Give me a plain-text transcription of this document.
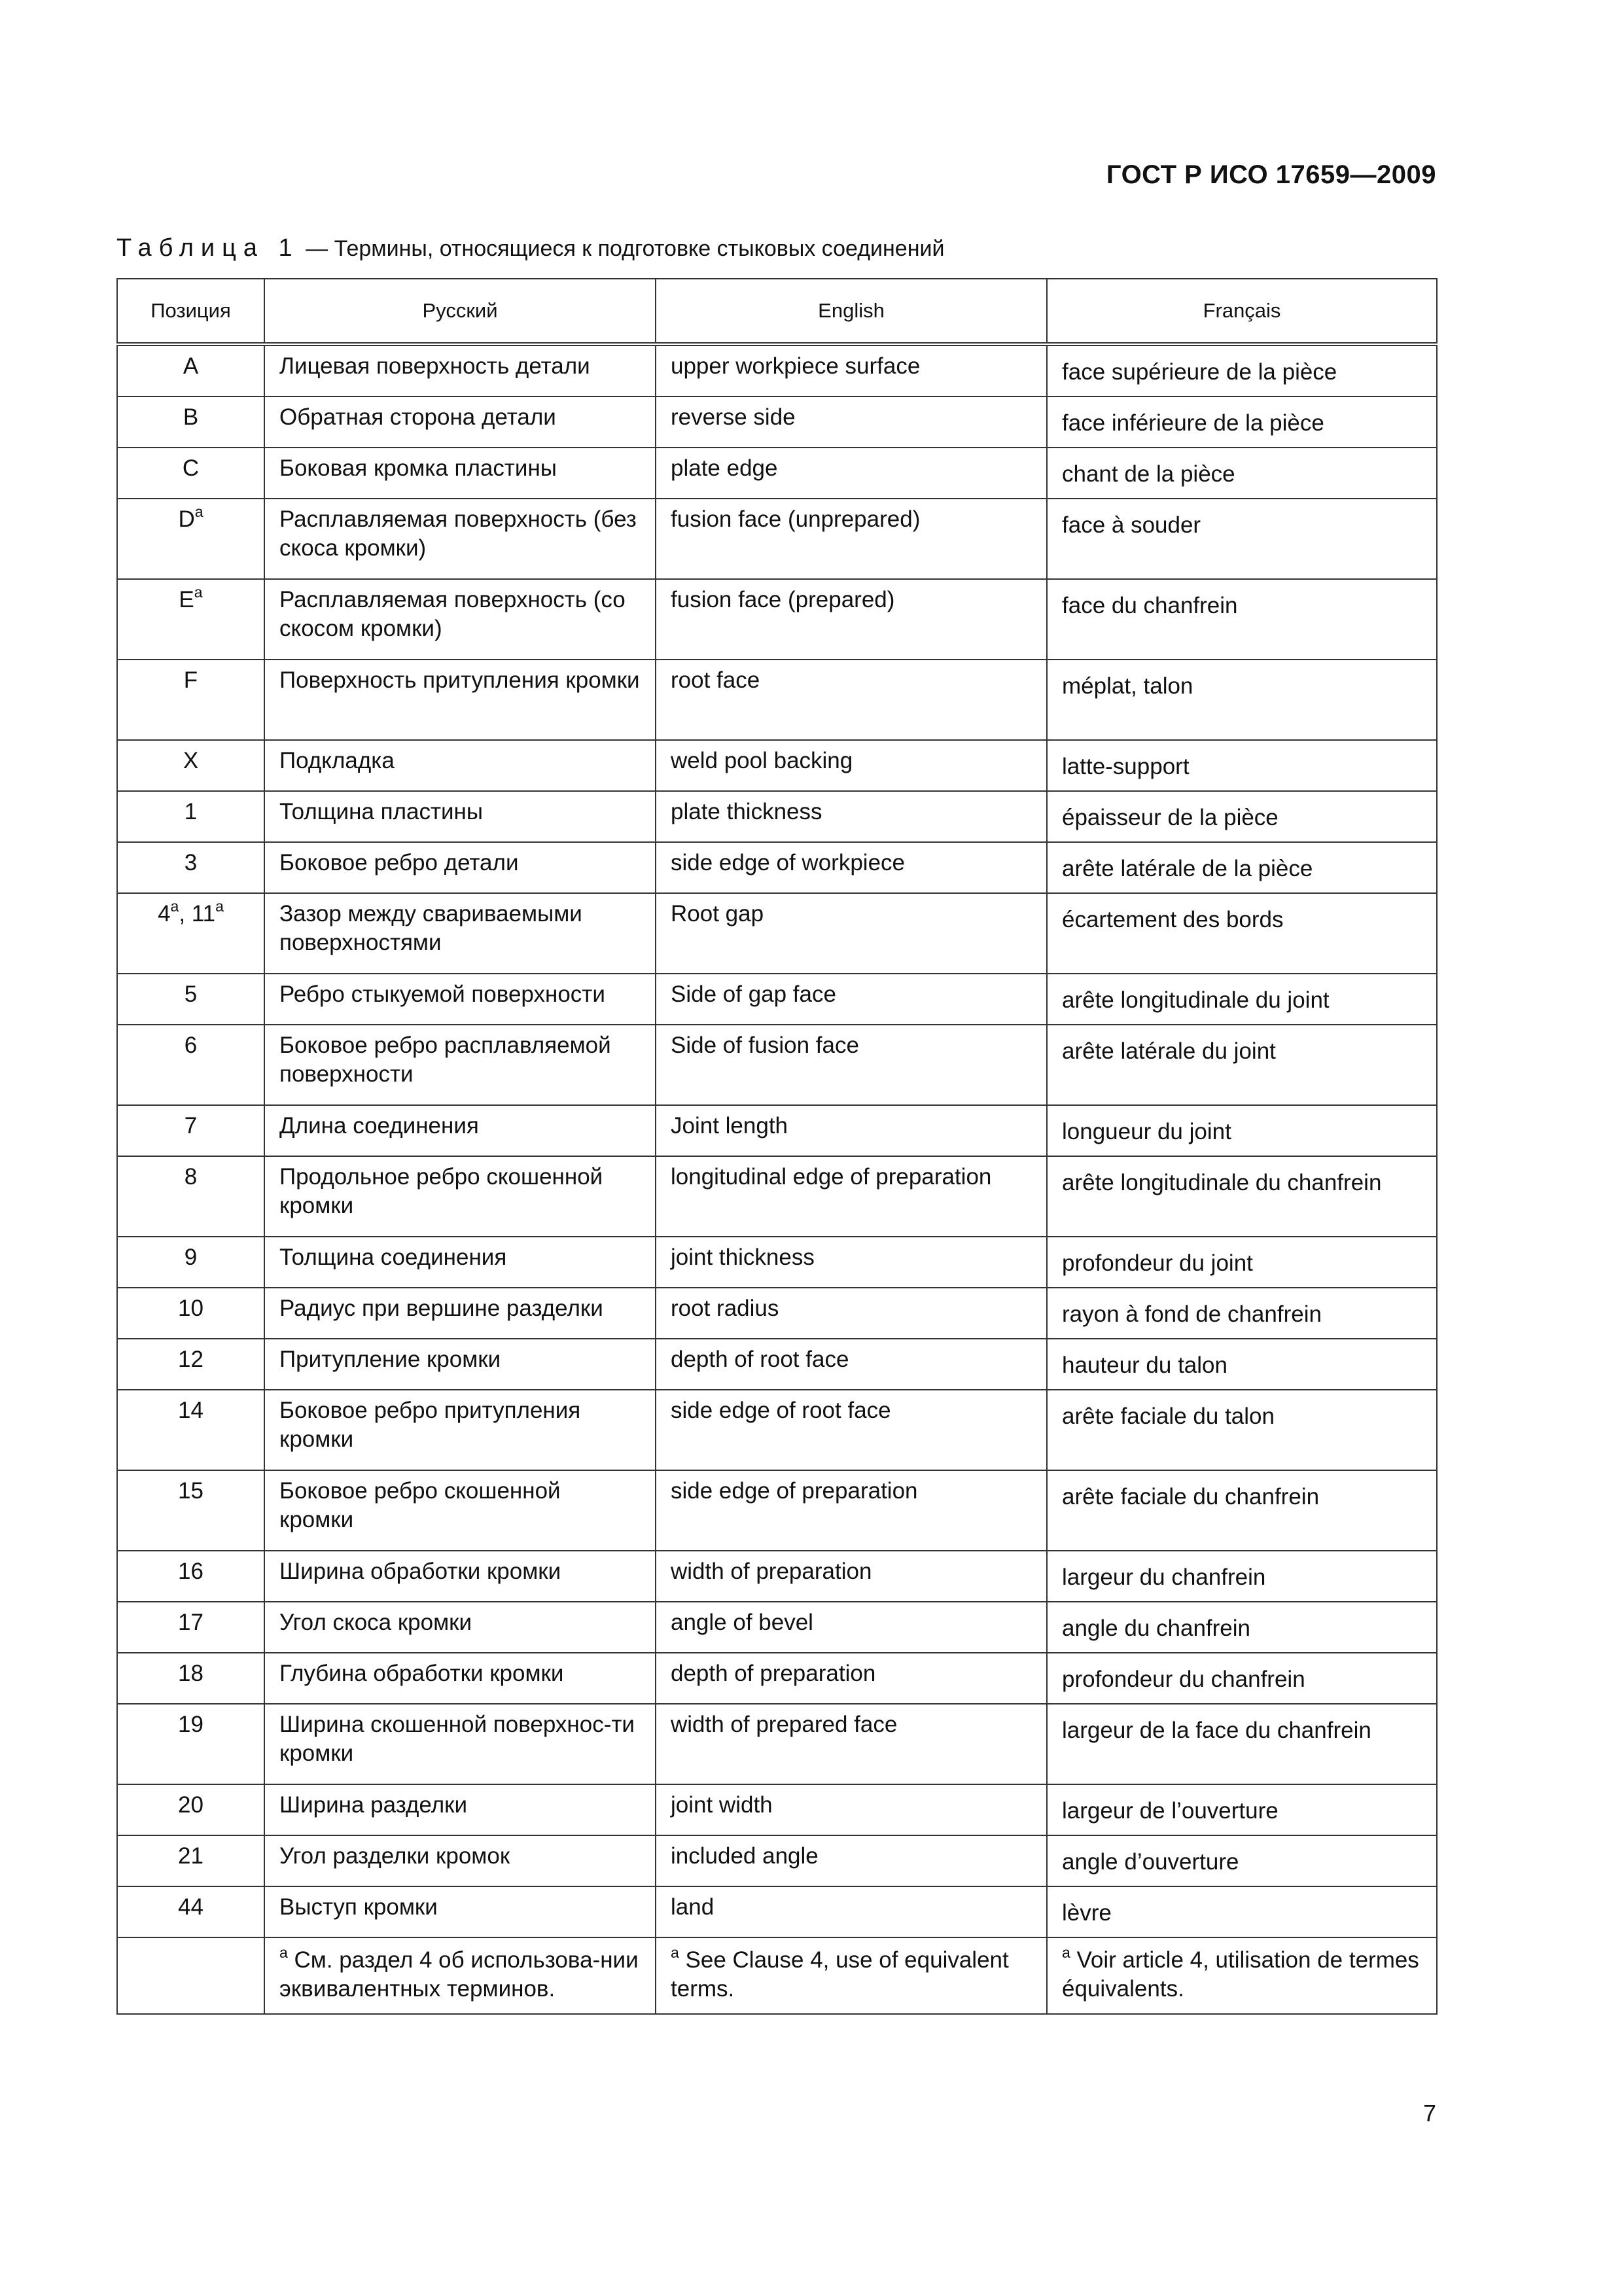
ГОСТ Р ИСО 17659—2009
Таблица 1 — Термины, относящиеся к подготовке стыковых соединений
Позиция	Русский	English	Français
A	Лицевая поверхность детали	upper workpiece surface	face supérieure de la pièce
B	Обратная сторона детали	reverse side	face inférieure de la pièce
C	Боковая кромка пластины	plate edge	chant de la pièce
$D^a$	Расплавляемая поверхность (без скоса кромки)	fusion face (unprepared)	face à souder
$E^a$	Расплавляемая поверхность (со скосом кромки)	fusion face (prepared)	face du chanfrein
F	Поверхность притупления кромки	root face	méplat, talon
X	Подкладка	weld pool backing	latte-support
1	Толщина пластины	plate thickness	épaisseur de la pièce
3	Боковое ребро детали	side edge of workpiece	arête latérale de la pièce
4$^a$, 11$^a$	Зазор между свариваемыми поверхностями	Root gap	écartement des bords
5	Ребро стыкуемой поверхности	Side of gap face	arête longitudinale du joint
6	Боковое ребро расплавляемой поверхности	Side of fusion face	arête latérale du joint
7	Длина соединения	Joint length	longueur du joint
8	Продольное ребро скошенной кромки	longitudinal edge of preparation	arête longitudinale du chanfrein
9	Толщина соединения	joint thickness	profondeur du joint
10	Радиус при вершине разделки	root radius	rayon à fond de chanfrein
12	Притупление кромки	depth of root face	hauteur du talon
14	Боковое ребро притупления кромки	side edge of root face	arête faciale du talon
15	Боковое ребро скошенной кромки	side edge of preparation	arête faciale du chanfrein
16	Ширина обработки кромки	width of preparation	largeur du chanfrein
17	Угол скоса кромки	angle of bevel	angle du chanfrein
18	Глубина обработки кромки	depth of preparation	profondeur du chanfrein
19	Ширина скошенной поверхнос-ти кромки	width of prepared face	largeur de la face du chanfrein
20	Ширина разделки	joint width	largeur de l’ouverture
21	Угол разделки кромок	included angle	angle d’ouverture
44	Выступ кромки	land	lèvre
	$^a$ См. раздел 4 об использова-нии эквивалентных терминов.	$^a$ See Clause 4, use of equivalent terms.	$^a$ Voir article 4, utilisation de termes équivalents.
7
